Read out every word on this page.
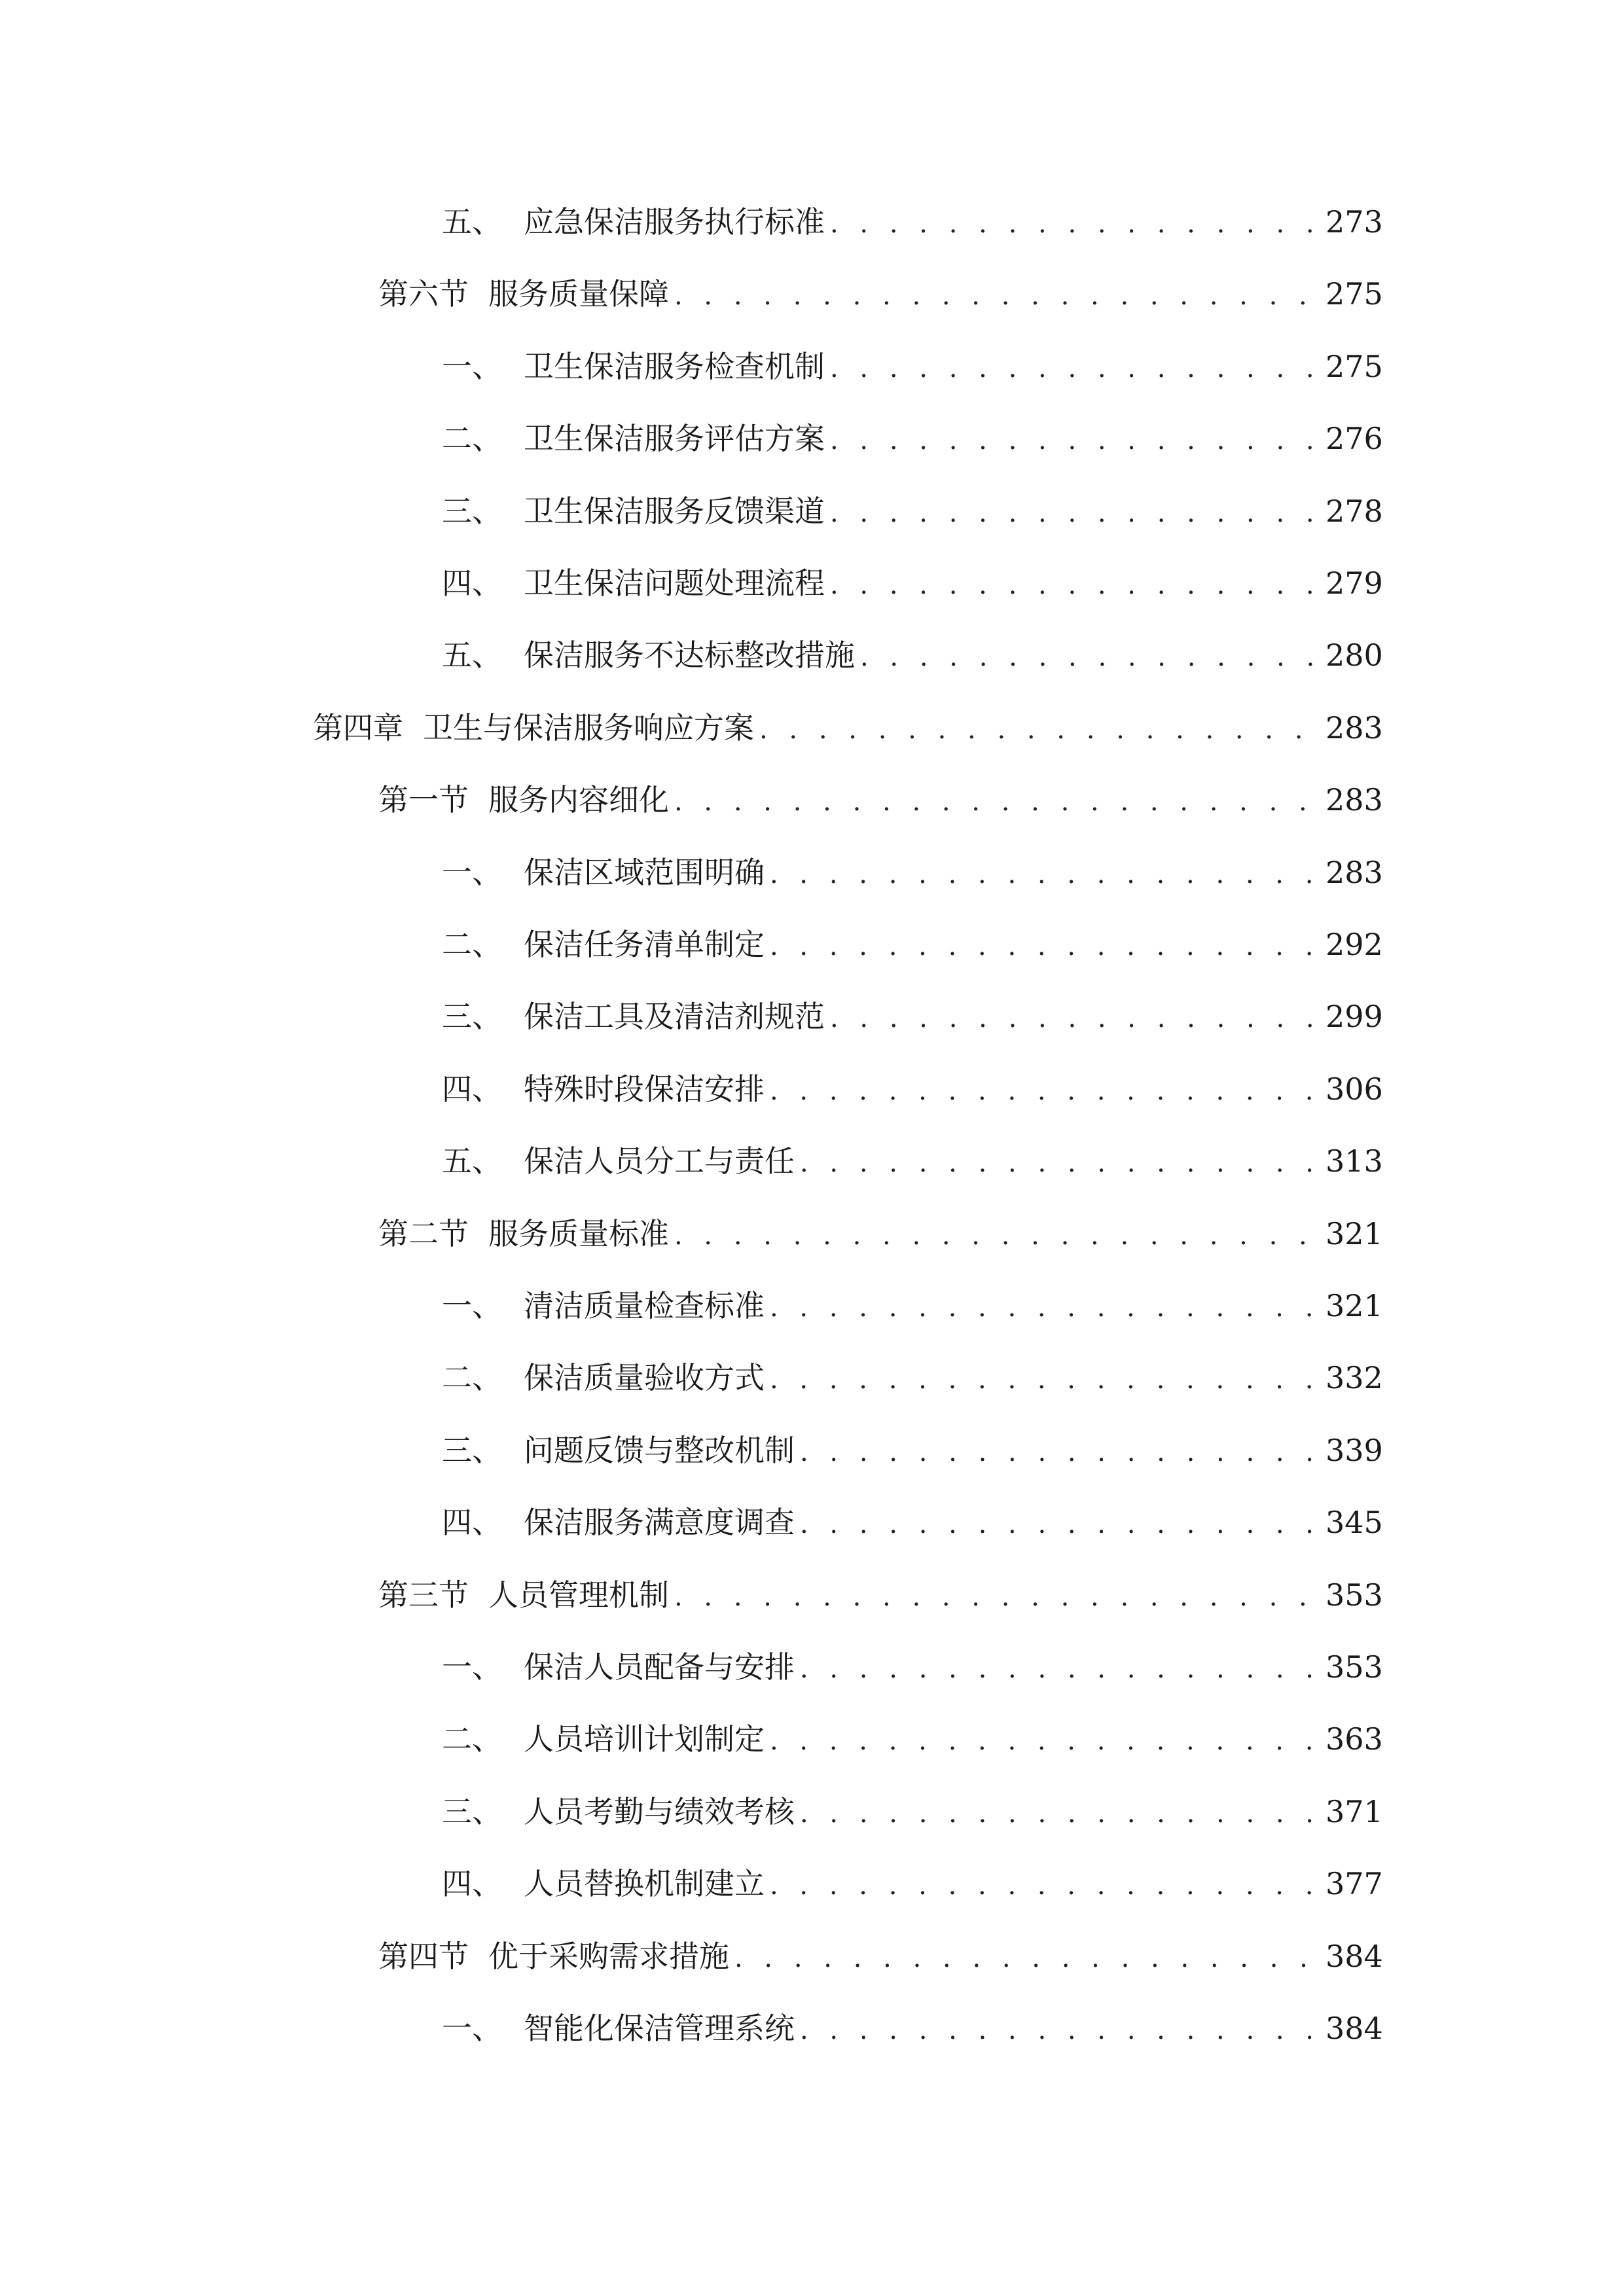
五、 应急保洁服务执行标准 . . .	273
第六节 服务质量保障 . . .	275
一、 卫生保洁服务检查机制 . . .	275
二、 卫生保洁服务评估方案 . . .	276
三、 卫生保洁服务反馈渠道 . . .	278
四、 卫生保洁问题处理流程 . . .	279
五、 保洁服务不达标整改措施 . . .	280
第四章 卫生与保洁服务响应方案 . . .	283
第一节 服务内容细化 . . .	283
一、 保洁区域范围明确 . . .	283
二、 保洁任务清单制定 . . .	292
三、 保洁工具及清洁剂规范 . . .	299
四、 特殊时段保洁安排 . . .	306
五、 保洁人员分工与责任 . . .	313
第二节 服务质量标准 . . .	321
一、 清洁质量检查标准 . . .	321
二、 保洁质量验收方式 . . .	332
三、 问题反馈与整改机制 . . .	339
四、 保洁服务满意度调查 . . .	345
第三节 人员管理机制 . . .	353
一、 保洁人员配备与安排 . . .	353
二、 人员培训计划制定 . . .	363
三、 人员考勤与绩效考核 . . .	371
四、 人员替换机制建立 . . .	377
第四节 优于采购需求措施 . . .	384
一、 智能化保洁管理系统 . . .	384
